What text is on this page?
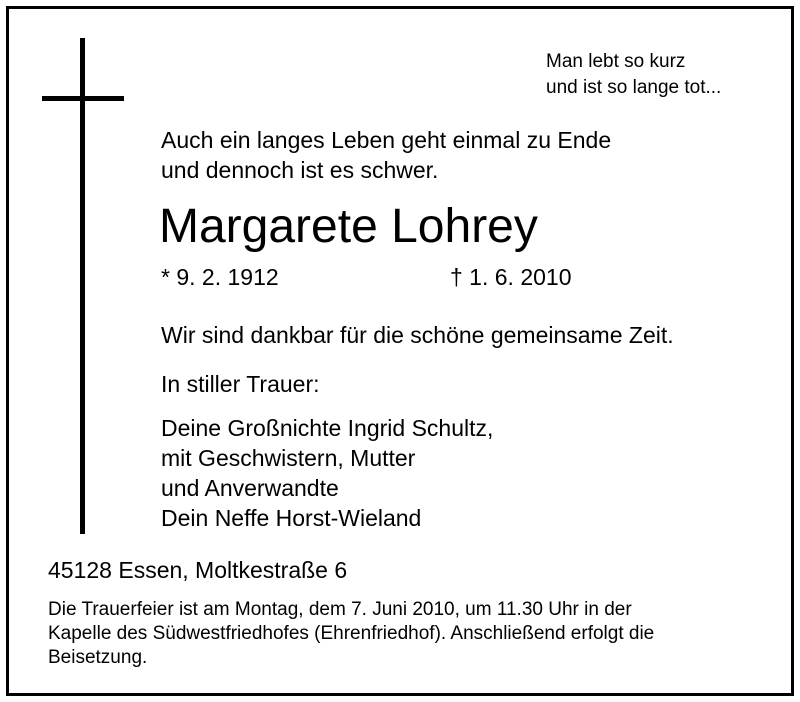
Man lebt so kurz
und ist so lange tot...
Auch ein langes Leben geht einmal zu Ende
und dennoch ist es schwer.
Margarete Lohrey
* 9. 2. 1912	† 1. 6. 2010
Wir sind dankbar für die schöne gemeinsame Zeit.
In stiller Trauer:
Deine Großnichte Ingrid Schultz,
mit Geschwistern, Mutter
und Anverwandte
Dein Neffe Horst-Wieland
45128 Essen, Moltkestraße 6
Die Trauerfeier ist am Montag, dem 7. Juni 2010, um 11.30 Uhr in der
Kapelle des Südwestfriedhofes (Ehrenfriedhof). Anschließend erfolgt die
Beisetzung.
